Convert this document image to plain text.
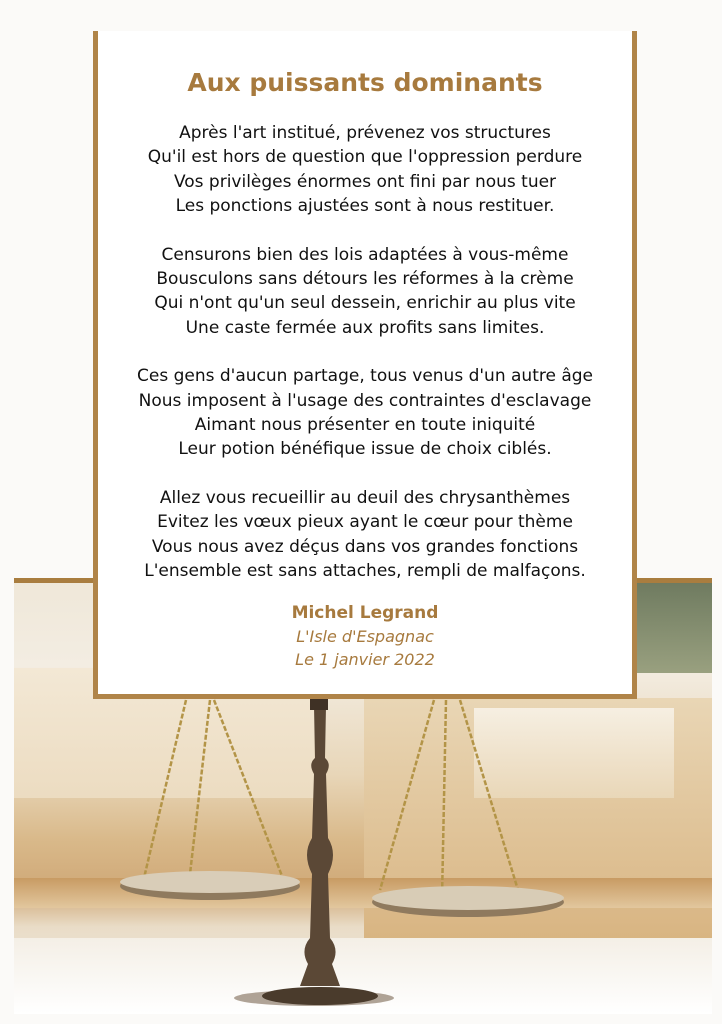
Aux puissants dominants
Après l'art institué, prévenez vos structures
Qu'il est hors de question que l'oppression perdure
Vos privilèges énormes ont fini par nous tuer
Les ponctions ajustées sont à nous restituer.
Censurons bien des lois adaptées à vous-même
Bousculons sans détours les réformes à la crème
Qui n'ont qu'un seul dessein, enrichir au plus vite
Une caste fermée aux profits sans limites.
Ces gens d'aucun partage, tous venus d'un autre âge
Nous imposent à l'usage des contraintes d'esclavage
Aimant nous présenter en toute iniquité
Leur potion bénéfique issue de choix ciblés.
Allez vous recueillir au deuil des chrysanthèmes
Evitez les vœux pieux ayant le cœur pour thème
Vous nous avez déçus dans vos grandes fonctions
L'ensemble est sans attaches, rempli de malfaçons.
Michel Legrand
L'Isle d'Espagnac
Le 1 janvier 2022
